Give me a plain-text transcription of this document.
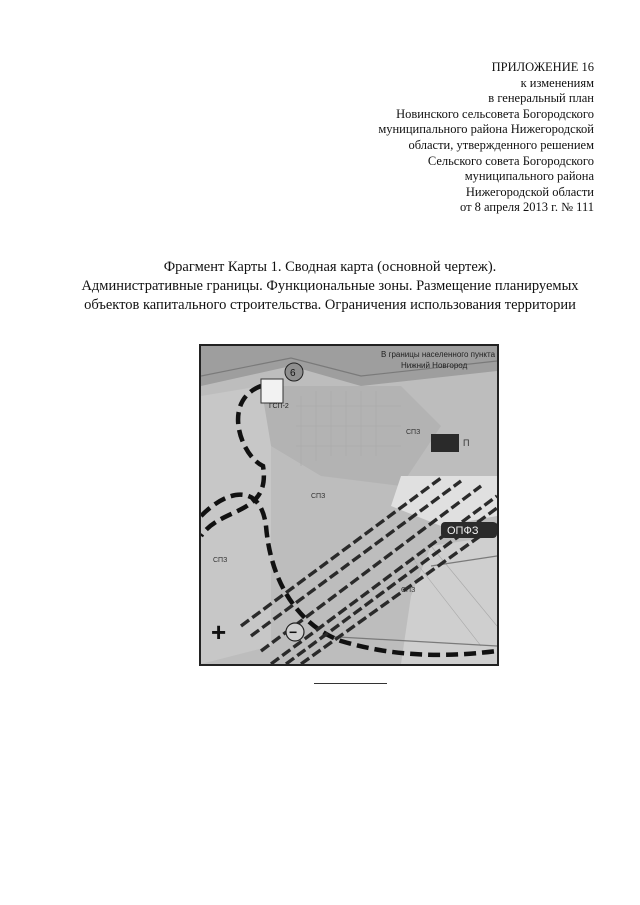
ПРИЛОЖЕНИЕ 16
к изменениям
в генеральный план
Новинского сельсовета Богородского
муниципального района Нижегородской
области, утвержденного решением
Сельского совета Богородского
муниципального района
Нижегородской области
от 8 апреля 2013 г. № 111
Фрагмент Карты 1. Сводная карта (основной чертеж).
Административные границы. Функциональные зоны. Размещение планируемых
объектов капитального строительства. Ограничения использования территории
6
В границы населенного пункта
Нижний Новгород
ГСП-2
СПЗ
СПЗ
СПЗ
СПЗ
П
ОПФЗ
+	−
